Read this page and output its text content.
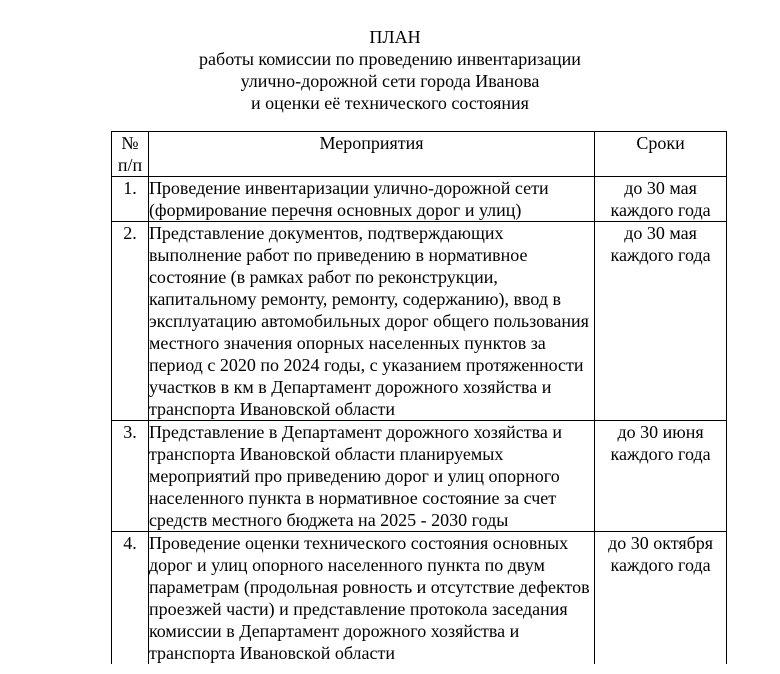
ПЛАН
работы комиссии по проведению инвентаризации
улично-дорожной сети города Иванова
и оценки её технического состояния
№ п/п	Мероприятия	Сроки
1.	Проведение инвентаризации улично-дорожной сети (формирование перечня основных дорог и улиц)	до 30 мая каждого года
2.	Представление документов, подтверждающих выполнение работ по приведению в нормативное состояние (в рамках работ по реконструкции, капитальному ремонту, ремонту, содержанию), ввод в эксплуатацию автомобильных дорог общего пользования местного значения опорных населенных пунктов за период с 2020 по 2024 годы, с указанием протяженности участков в км в Департамент дорожного хозяйства и транспорта Ивановской области	до 30 мая каждого года
3.	Представление в Департамент дорожного хозяйства и транспорта Ивановской области планируемых мероприятий про приведению дорог и улиц опорного населенного пункта в нормативное состояние за счет средств местного бюджета на 2025 - 2030 годы	до 30 июня каждого года
4.	Проведение оценки технического состояния основных дорог и улиц опорного населенного пункта по двум параметрам (продольная ровность и отсутствие дефектов проезжей части) и представление протокола заседания комиссии в Департамент дорожного хозяйства и транспорта Ивановской области	до 30 октября каждого года
